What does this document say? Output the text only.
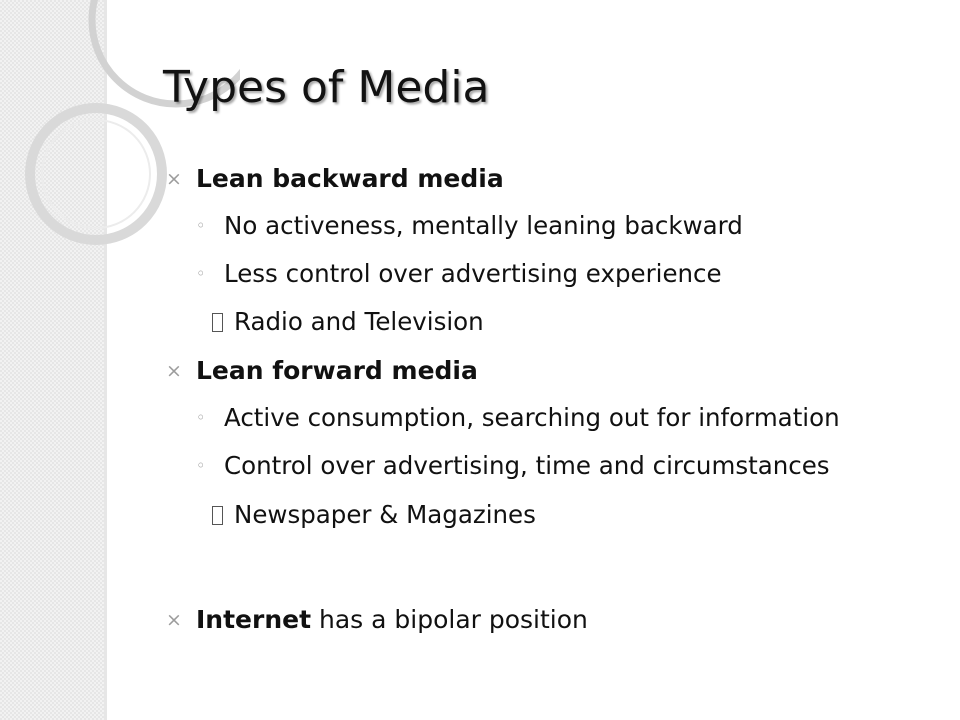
Types of Media
× Lean backward media
◦ No activeness, mentally leaning backward
◦ Less control over advertising experience
Radio and Television
× Lean forward media
◦ Active consumption, searching out for information
◦ Control over advertising, time and circumstances
Newspaper & Magazines
× Internet has a bipolar position
